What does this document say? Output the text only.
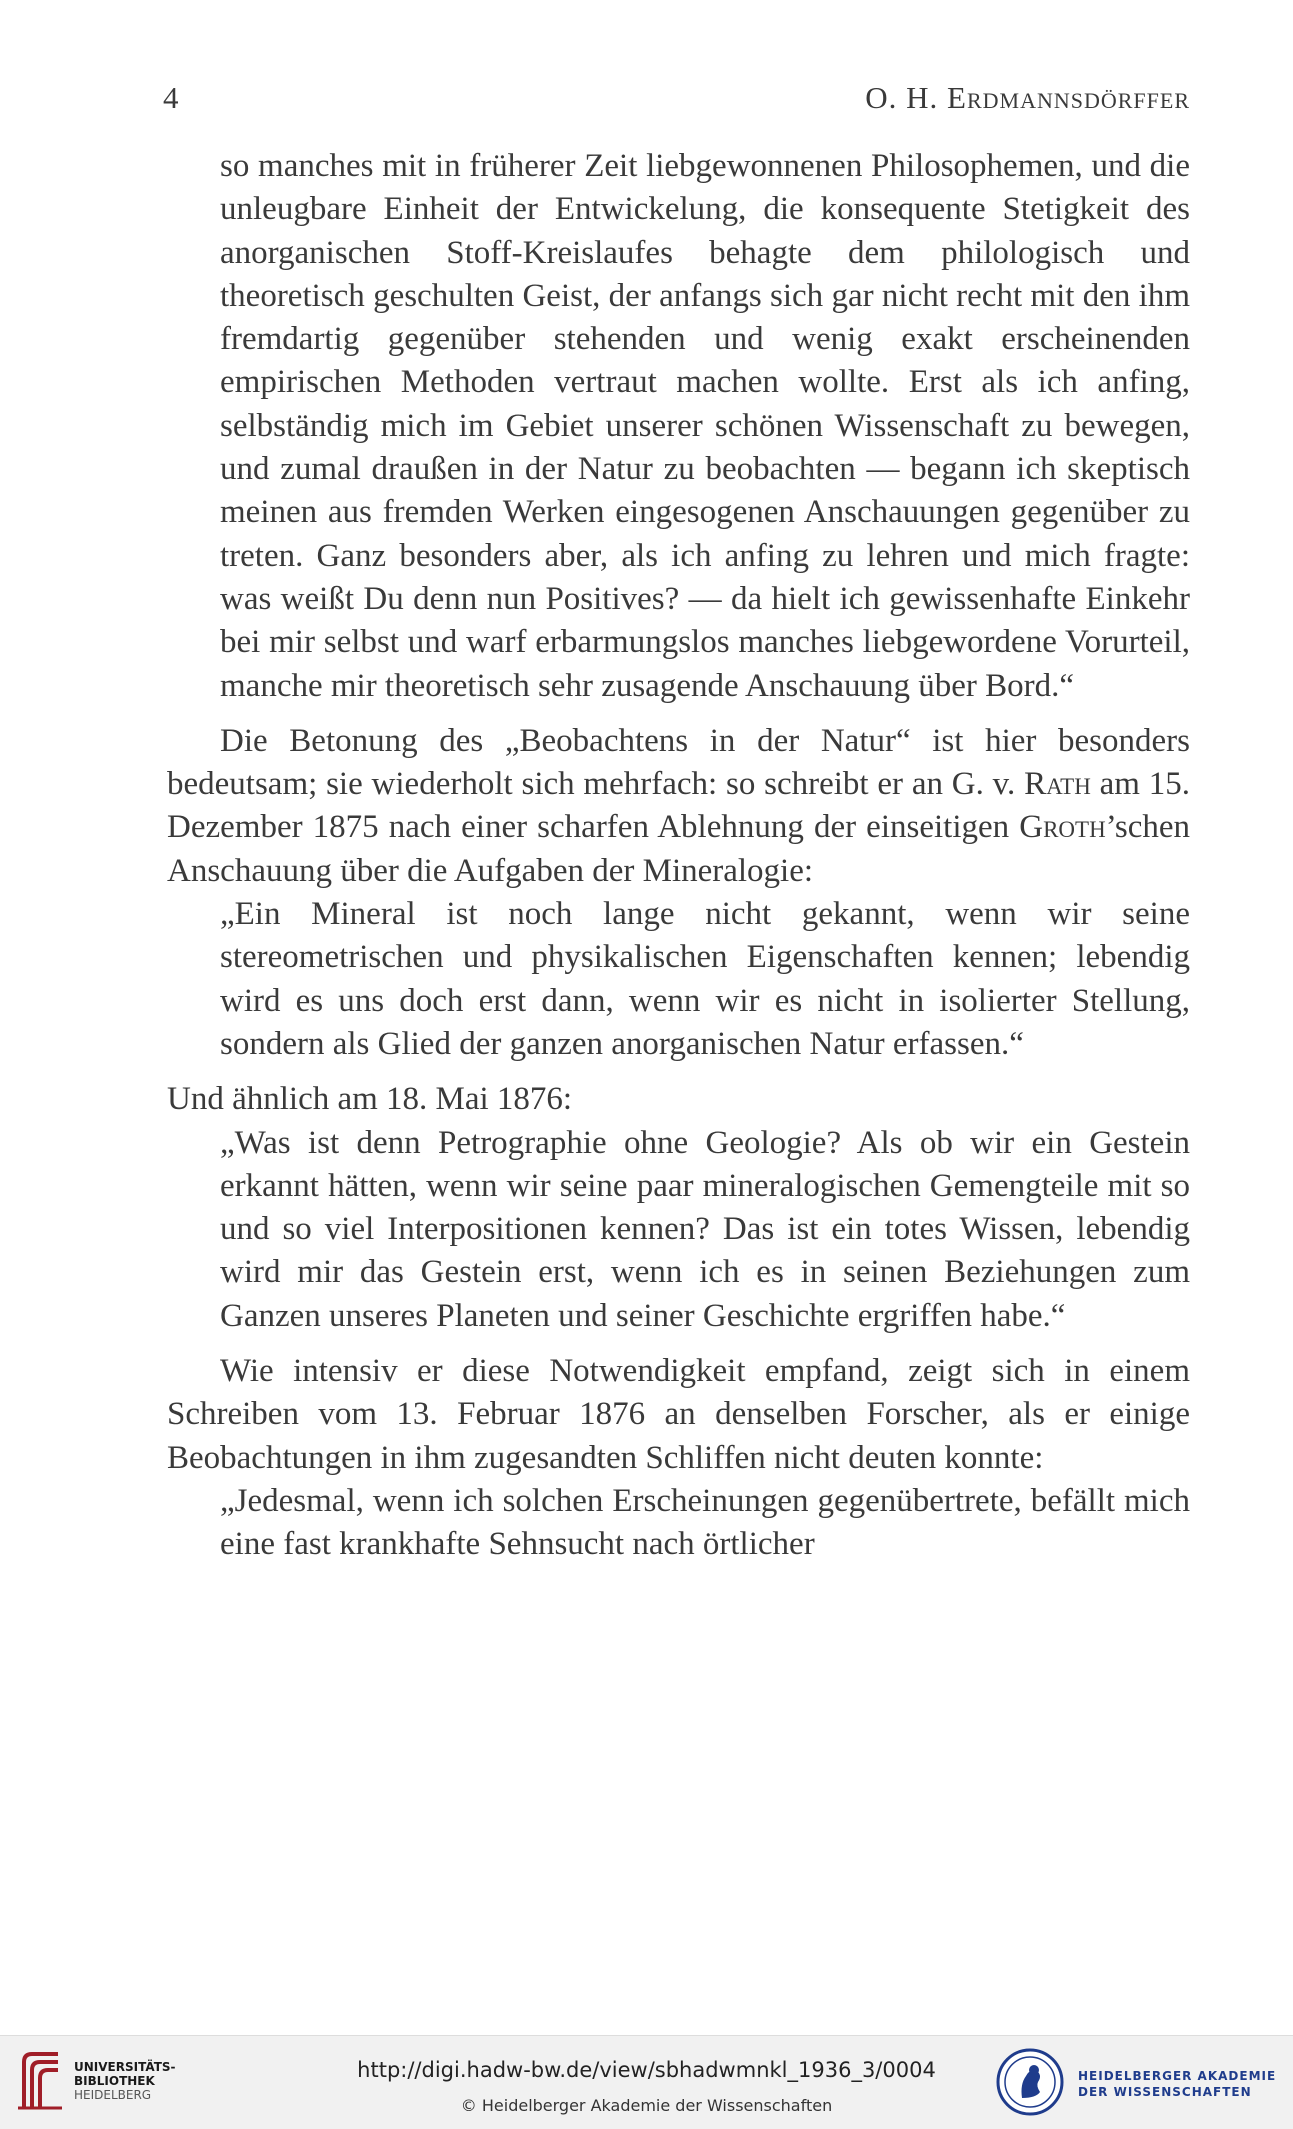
4	O. H. Erdmannsdörffer

so manches mit in früherer Zeit liebgewonnenen Philosophemen, und die unleugbare Einheit der Entwickelung, die konsequente Stetigkeit des anorganischen Stoff-Kreislaufes behagte dem philologisch und theoretisch geschulten Geist, der anfangs sich gar nicht recht mit den ihm fremdartig gegenüber stehenden und wenig exakt erscheinenden empirischen Methoden vertraut machen wollte. Erst als ich anfing, selbständig mich im Gebiet unserer schönen Wissenschaft zu bewegen, und zumal draußen in der Natur zu beobachten — begann ich skeptisch meinen aus fremden Werken eingesogenen Anschauungen gegenüber zu treten. Ganz besonders aber, als ich anfing zu lehren und mich fragte: was weißt Du denn nun Positives? — da hielt ich gewissenhafte Einkehr bei mir selbst und warf erbarmungslos manches liebgewordene Vorurteil, manche mir theoretisch sehr zusagende Anschauung über Bord.“

Die Betonung des „Beobachtens in der Natur“ ist hier besonders bedeutsam; sie wiederholt sich mehrfach: so schreibt er an G. v. Rath am 15. Dezember 1875 nach einer scharfen Ablehnung der einseitigen Groth’schen Anschauung über die Aufgaben der Mineralogie:

„Ein Mineral ist noch lange nicht gekannt, wenn wir seine stereometrischen und physikalischen Eigenschaften kennen; lebendig wird es uns doch erst dann, wenn wir es nicht in isolierter Stellung, sondern als Glied der ganzen anorganischen Natur erfassen.“

Und ähnlich am 18. Mai 1876:

„Was ist denn Petrographie ohne Geologie? Als ob wir ein Gestein erkannt hätten, wenn wir seine paar mineralogischen Gemengteile mit so und so viel Interpositionen kennen? Das ist ein totes Wissen, lebendig wird mir das Gestein erst, wenn ich es in seinen Beziehungen zum Ganzen unseres Planeten und seiner Geschichte ergriffen habe.“

Wie intensiv er diese Notwendigkeit empfand, zeigt sich in einem Schreiben vom 13. Februar 1876 an denselben Forscher, als er einige Beobachtungen in ihm zugesandten Schliffen nicht deuten konnte:

„Jedesmal, wenn ich solchen Erscheinungen gegenübertrete, befällt mich eine fast krankhafte Sehnsucht nach örtlicher

UNIVERSITÄTS-
BIBLIOTHEK
HEIDELBERG
http://digi.hadw-bw.de/view/sbhadwmnkl_1936_3/0004
© Heidelberger Akademie der Wissenschaften
HEIDELBERGER AKADEMIE
DER WISSENSCHAFTEN
